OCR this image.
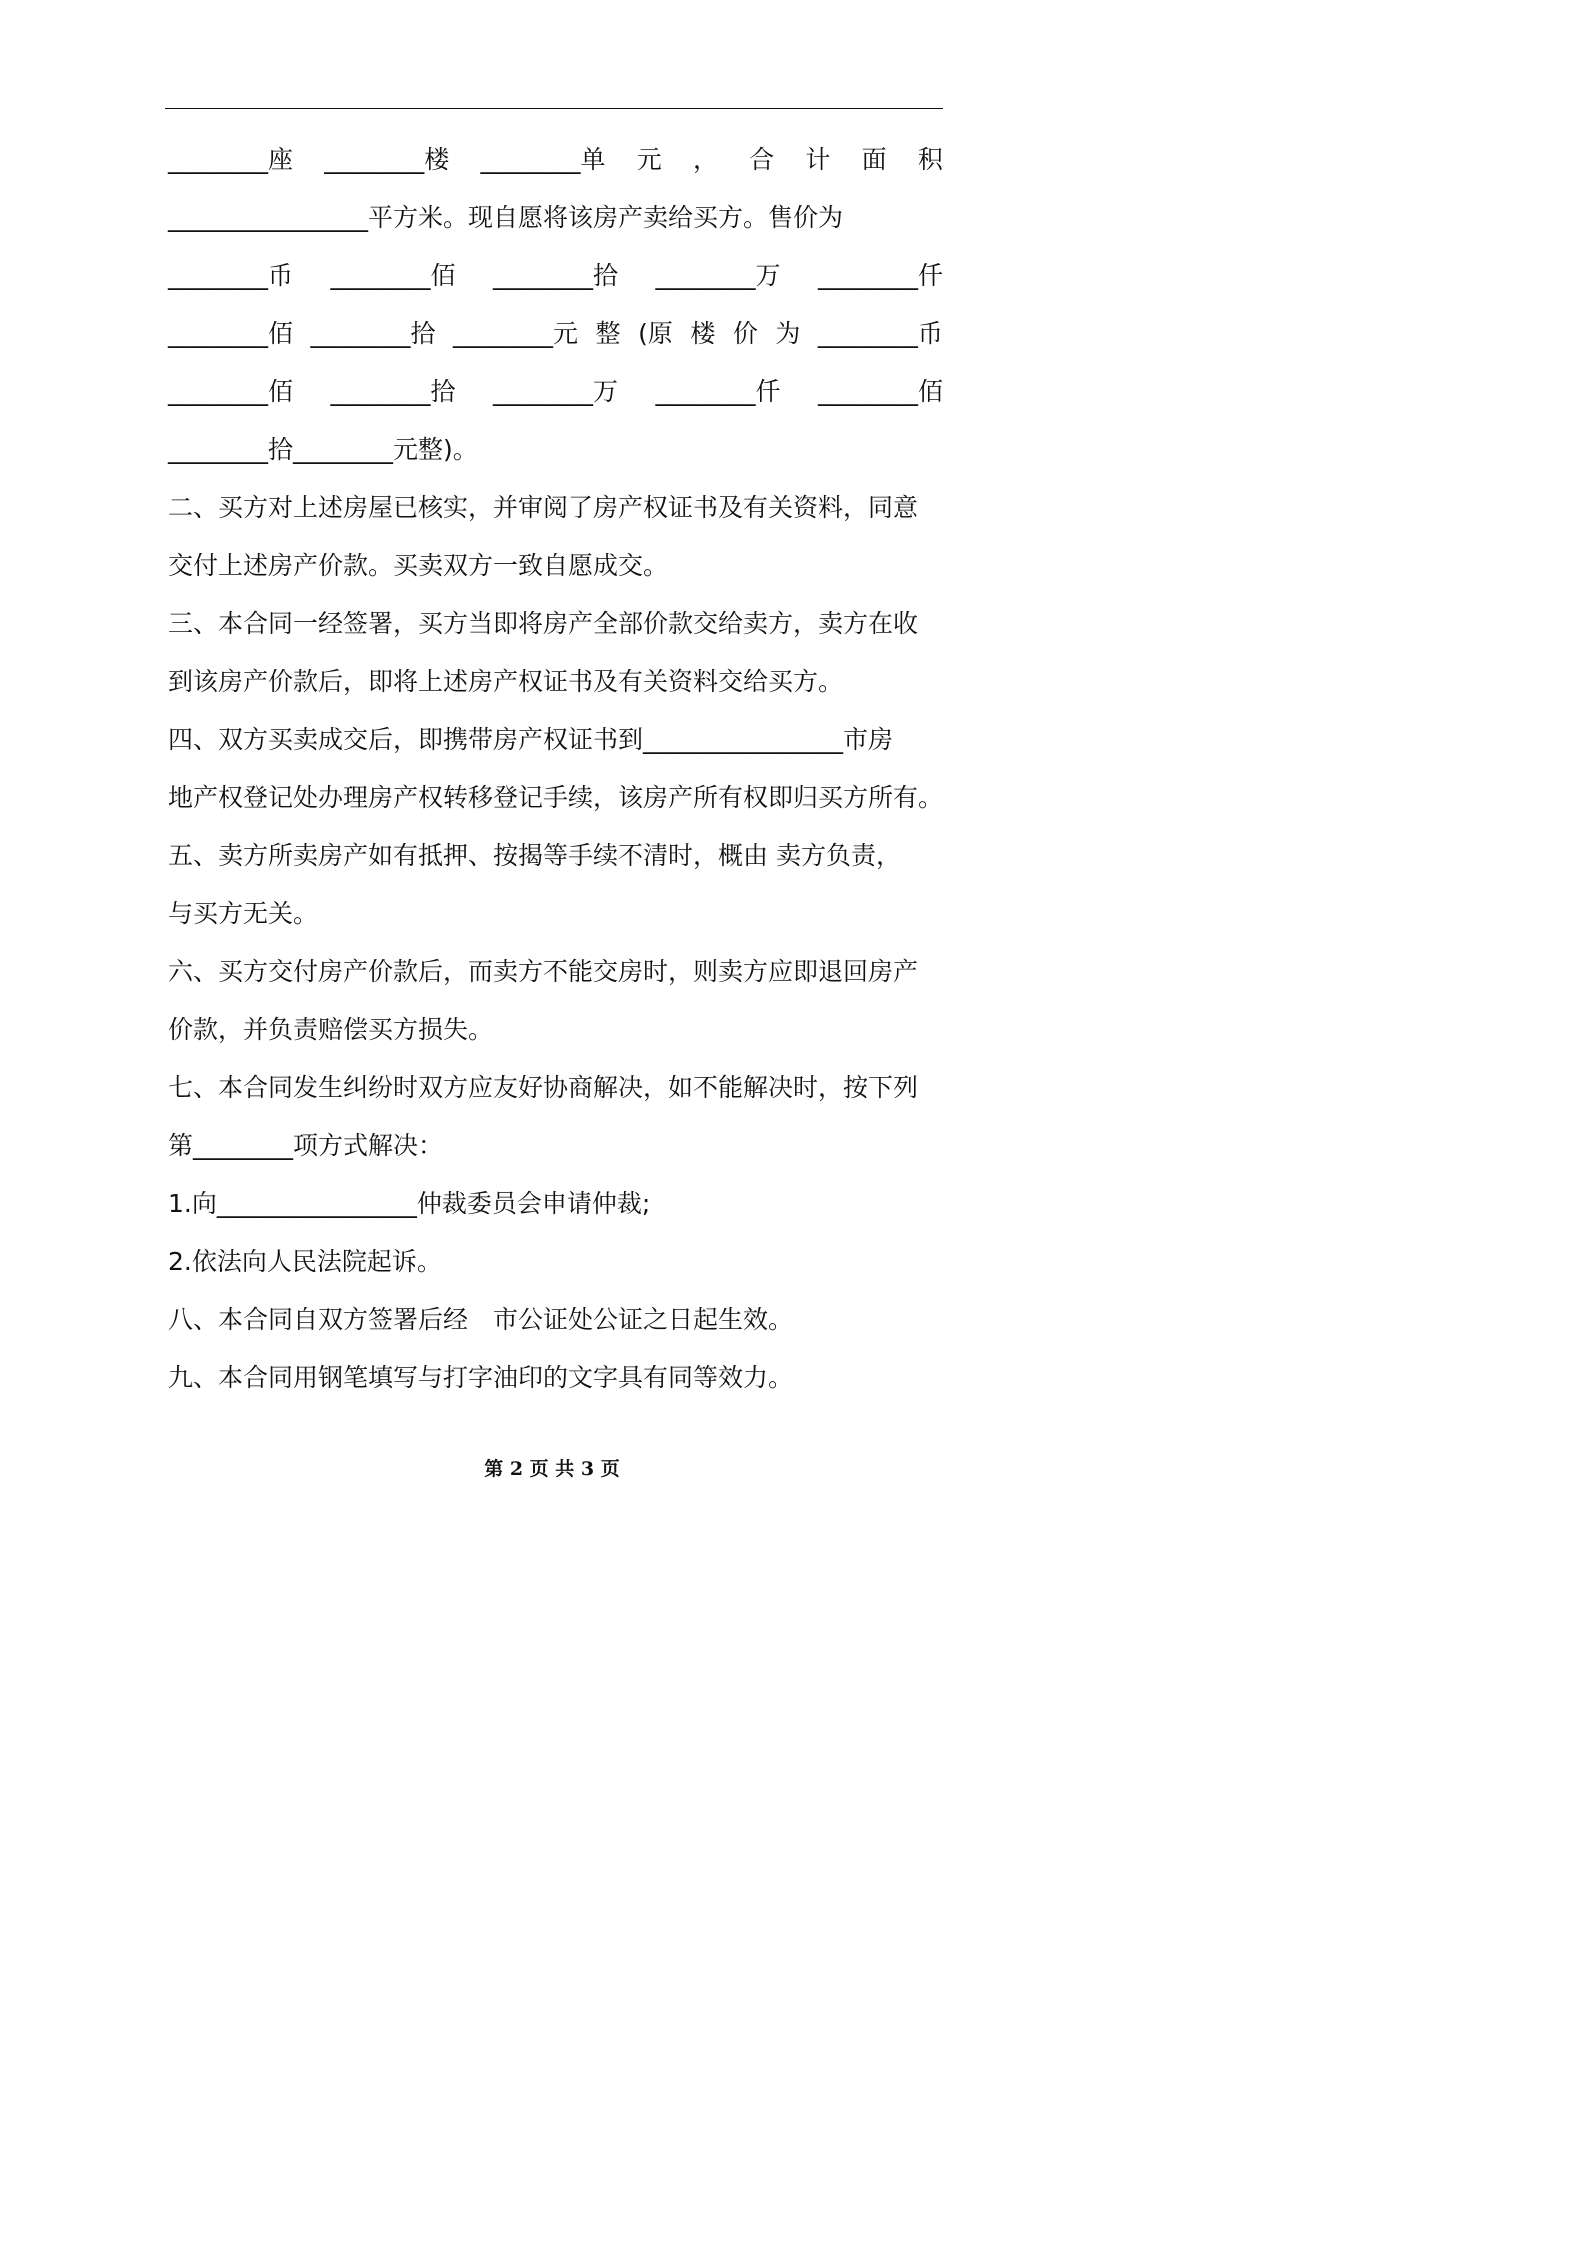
________座 ________楼 ________单 元 ， 合 计 面 积
________________平方米。现自愿将该房产卖给买方。售价为
________币 ________佰 ________拾 ________万 ________仟
________佰 ________拾 ________元 整 (原 楼 价 为 ________币
________佰 ________拾 ________万 ________仟 ________佰
________拾________元整)。
二、买方对上述房屋已核实，并审阅了房产权证书及有关资料，同意
交付上述房产价款。买卖双方一致自愿成交。
三、本合同一经签署，买方当即将房产全部价款交给卖方，卖方在收
到该房产价款后，即将上述房产权证书及有关资料交给买方。
四、双方买卖成交后，即携带房产权证书到________________市房
地产权登记处办理房产权转移登记手续，该房产所有权即归买方所有。
五、卖方所卖房产如有抵押、按揭等手续不清时，概由 卖方负责，
与买方无关。
六、买方交付房产价款后，而卖方不能交房时，则卖方应即退回房产
价款，并负责赔偿买方损失。
七、本合同发生纠纷时双方应友好协商解决，如不能解决时，按下列
第________项方式解决：
1.向________________仲裁委员会申请仲裁;
2.依法向人民法院起诉。
八、本合同自双方签署后经　市公证处公证之日起生效。
九、本合同用钢笔填写与打字油印的文字具有同等效力。
第 2 页 共 3 页
